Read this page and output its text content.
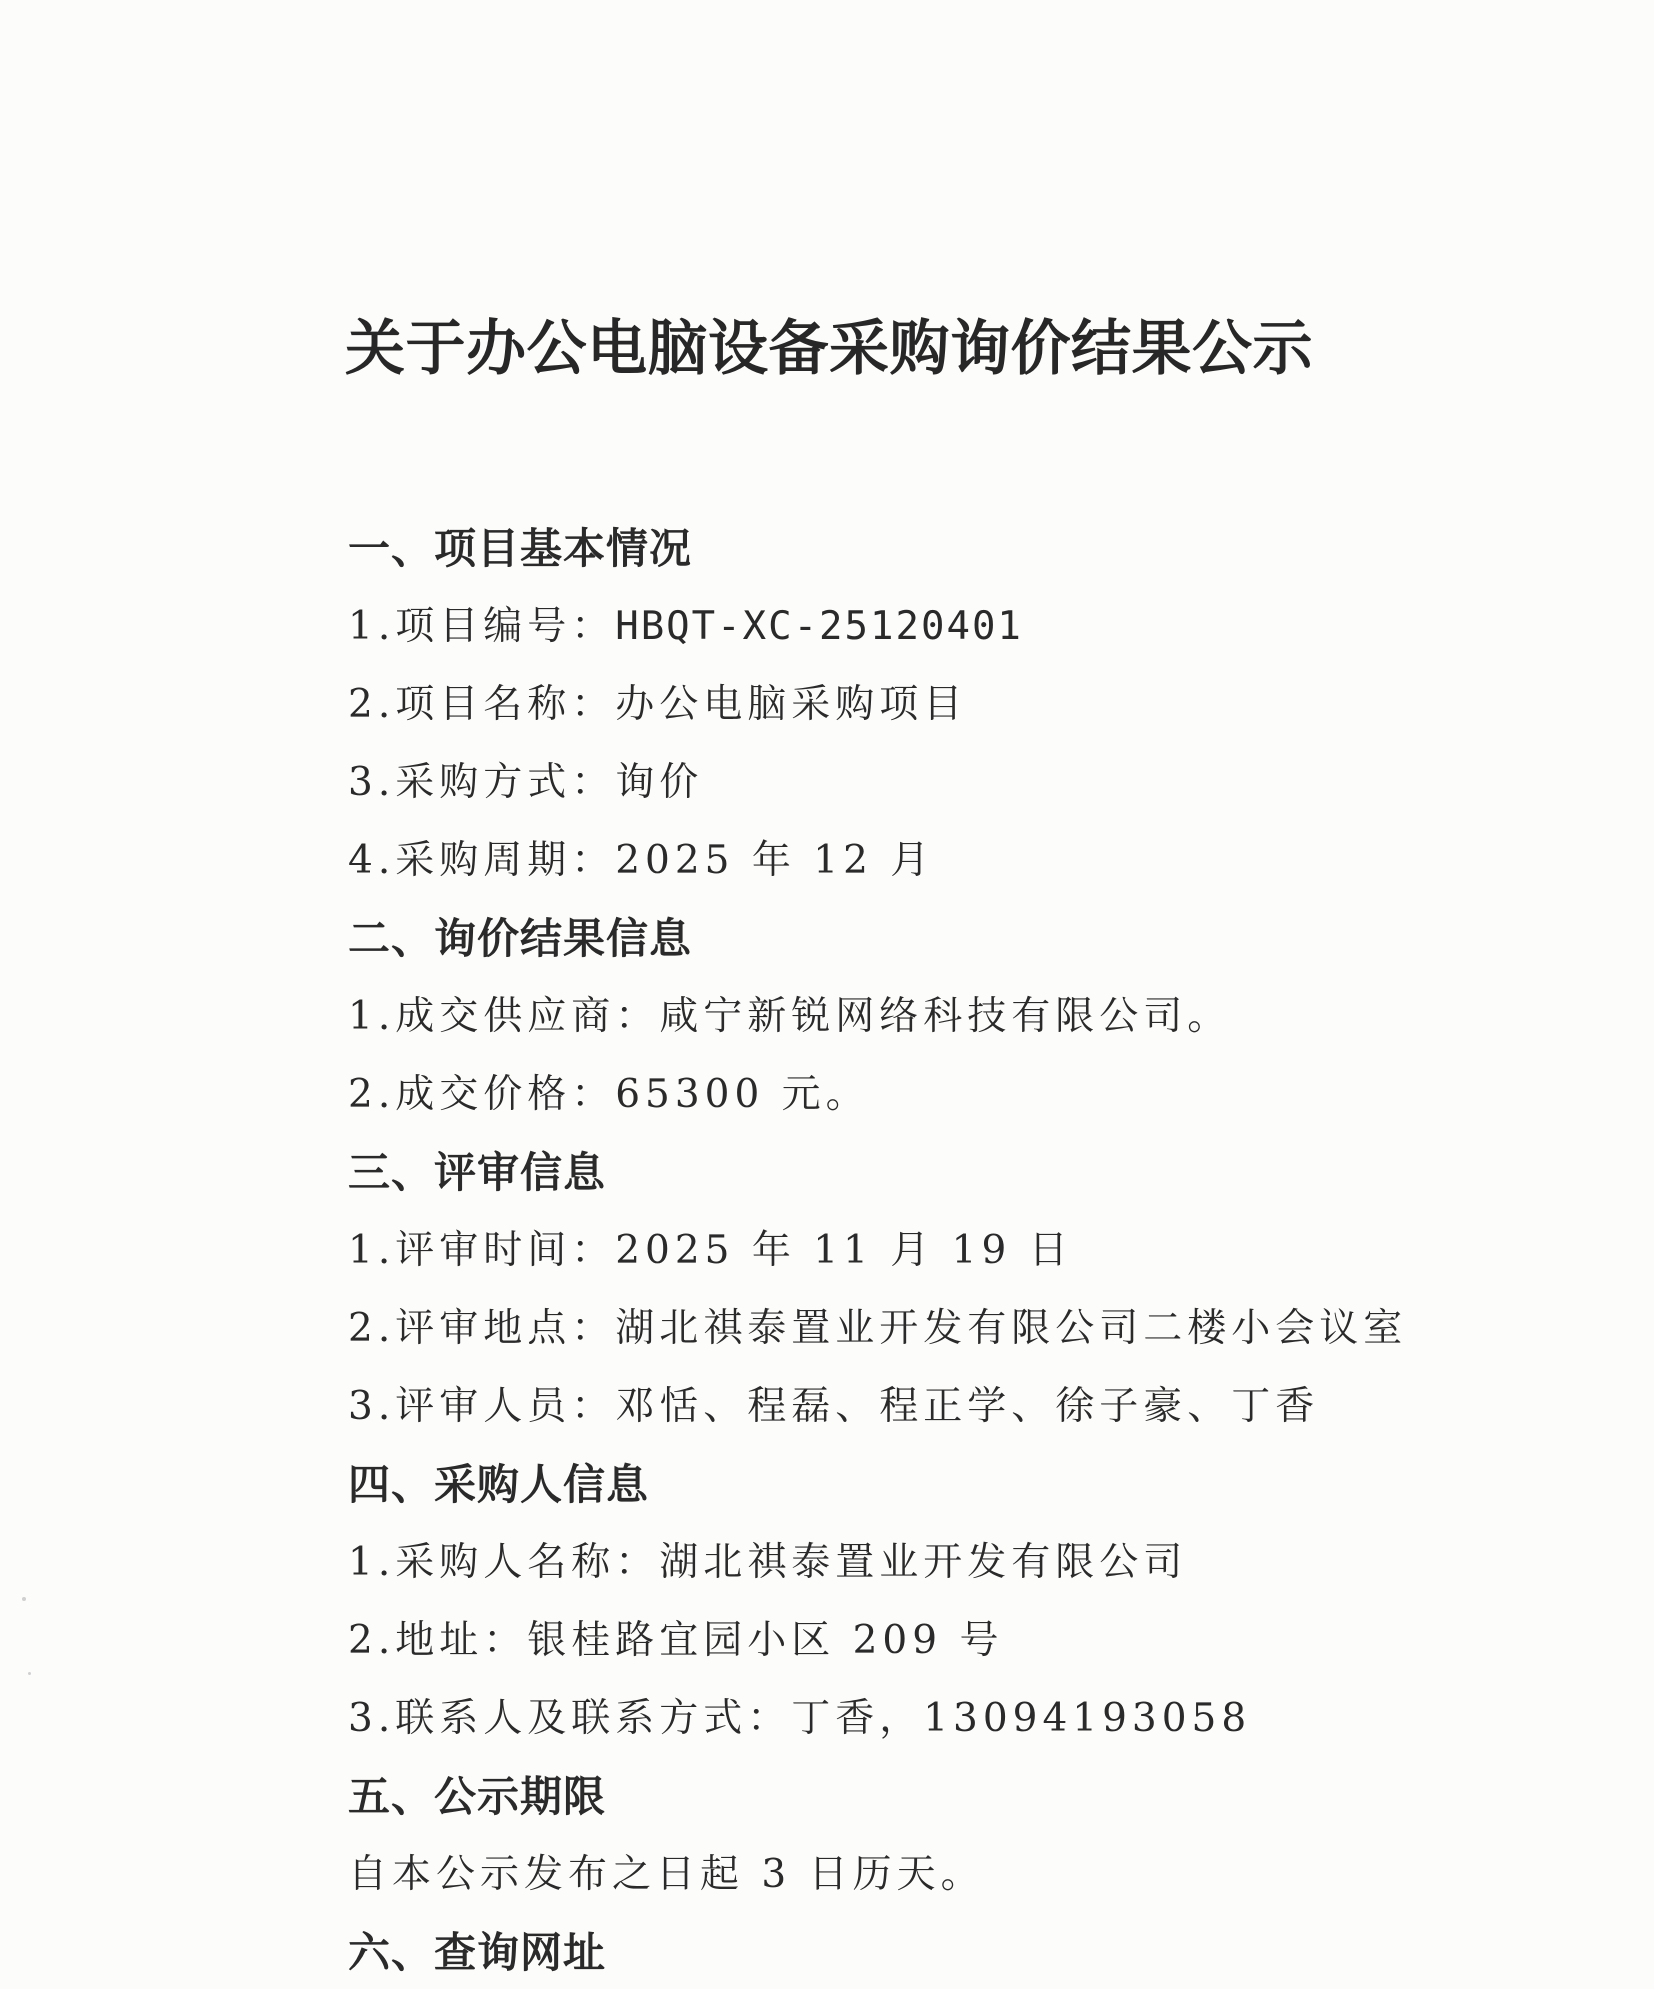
关于办公电脑设备采购询价结果公示
一、项目基本情况
1.项目编号：HBQT-XC-25120401
2.项目名称：办公电脑采购项目
3.采购方式：询价
4.采购周期：2025 年 12 月
二、询价结果信息
1.成交供应商：咸宁新锐网络科技有限公司。
2.成交价格：65300 元。
三、评审信息
1.评审时间：2025 年 11 月 19 日
2.评审地点：湖北祺泰置业开发有限公司二楼小会议室
3.评审人员：邓恬、程磊、程正学、徐子豪、丁香
四、采购人信息
1.采购人名称：湖北祺泰置业开发有限公司
2.地址：银桂路宜园小区 209 号
3.联系人及联系方式：丁香，13094193058
五、公示期限
自本公示发布之日起 3 日历天。
六、查询网址
